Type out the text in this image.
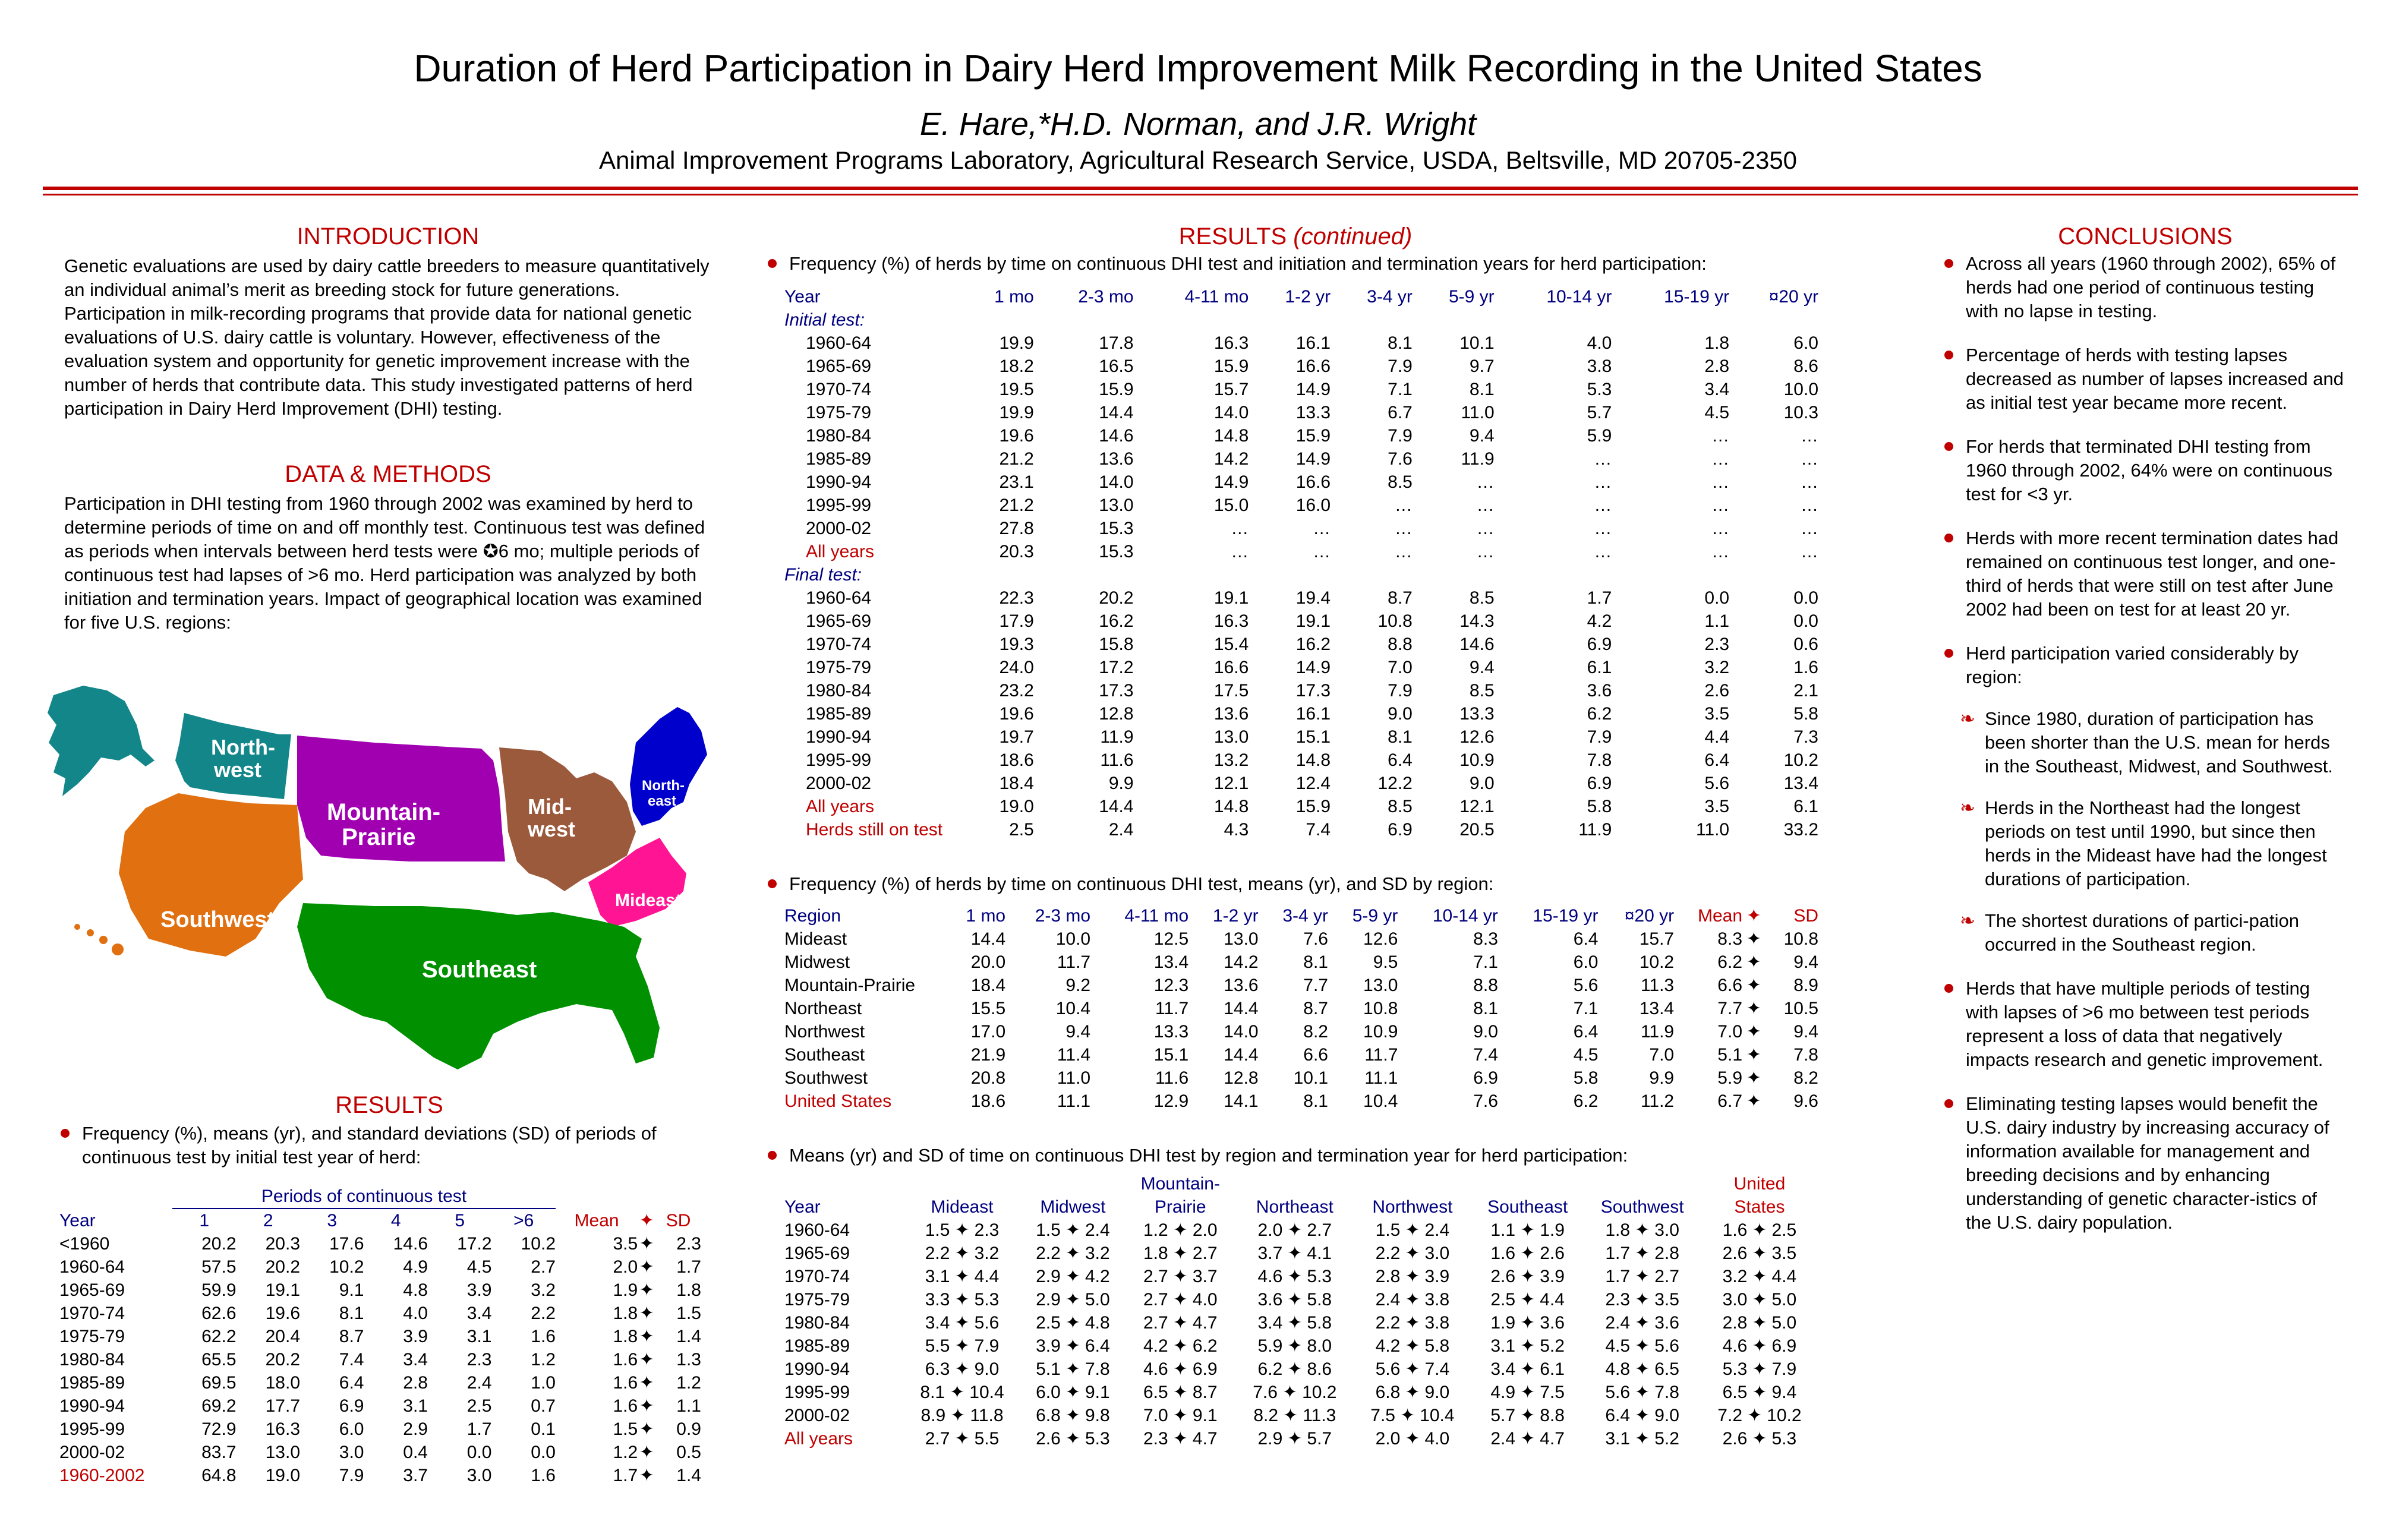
Duration of Herd Participation in Dairy Herd Improvement Milk Recording in the United States
E. Hare,*H.D. Norman, and J.R. Wright
Animal Improvement Programs Laboratory, Agricultural Research Service, USDA, Beltsville, MD 20705-2350
INTRODUCTION
Genetic evaluations are used by dairy cattle breeders to measure quantitatively an individual animal’s merit as breeding stock for future generations. Participation in milk-recording programs that provide data for national genetic evaluations of U.S. dairy cattle is voluntary. However, effectiveness of the evaluation system and opportunity for genetic improvement increase with the number of herds that contribute data. This study investigated patterns of herd participation in Dairy Herd Improvement (DHI) testing.
DATA & METHODS
Participation in DHI testing from 1960 through 2002 was examined by herd to determine periods of time on and off monthly test. Continuous test was defined as periods when intervals between herd tests were ✪6 mo; multiple periods of continuous test had lapses of >6 mo. Herd participation was analyzed by both initiation and termination years. Impact of geographical location was examined for five U.S. regions:
North-
west
Mountain-
Prairie
Mid-
west
North-
east
Mideast
Southwest
Southeast
RESULTS
Frequency (%), means (yr), and standard deviations (SD) of periods of continuous test by initial test year of herd:
	Periods of continuous test								
Year	1	2	3	4	5	>6	Mean	✦	SD
<1960	20.2	20.3	17.6	14.6	17.2	10.2	3.5	✦	2.3
1960-64	57.5	20.2	10.2	4.9	4.5	2.7	2.0	✦	1.7
1965-69	59.9	19.1	9.1	4.8	3.9	3.2	1.9	✦	1.8
1970-74	62.6	19.6	8.1	4.0	3.4	2.2	1.8	✦	1.5
1975-79	62.2	20.4	8.7	3.9	3.1	1.6	1.8	✦	1.4
1980-84	65.5	20.2	7.4	3.4	2.3	1.2	1.6	✦	1.3
1985-89	69.5	18.0	6.4	2.8	2.4	1.0	1.6	✦	1.2
1990-94	69.2	17.7	6.9	3.1	2.5	0.7	1.6	✦	1.1
1995-99	72.9	16.3	6.0	2.9	1.7	0.1	1.5	✦	0.9
2000-02	83.7	13.0	3.0	0.4	0.0	0.0	1.2	✦	0.5
1960-2002	64.8	19.0	7.9	3.7	3.0	1.6	1.7	✦	1.4
RESULTS (continued)
Frequency (%) of herds by time on continuous DHI test and initiation and termination years for herd participation:
Year	1 mo	2-3 mo	4-11 mo	1-2 yr	3-4 yr	5-9 yr	10-14 yr	15-19 yr	¤20 yr
Initial test:									
1960-64	19.9	17.8	16.3	16.1	8.1	10.1	4.0	1.8	6.0
1965-69	18.2	16.5	15.9	16.6	7.9	9.7	3.8	2.8	8.6
1970-74	19.5	15.9	15.7	14.9	7.1	8.1	5.3	3.4	10.0
1975-79	19.9	14.4	14.0	13.3	6.7	11.0	5.7	4.5	10.3
1980-84	19.6	14.6	14.8	15.9	7.9	9.4	5.9	…	…
1985-89	21.2	13.6	14.2	14.9	7.6	11.9	…	…	…
1990-94	23.1	14.0	14.9	16.6	8.5	…	…	…	…
1995-99	21.2	13.0	15.0	16.0	…	…	…	…	…
2000-02	27.8	15.3	…	…	…	…	…	…	…
All years	20.3	15.3	…	…	…	…	…	…	…
Final test:									
1960-64	22.3	20.2	19.1	19.4	8.7	8.5	1.7	0.0	0.0
1965-69	17.9	16.2	16.3	19.1	10.8	14.3	4.2	1.1	0.0
1970-74	19.3	15.8	15.4	16.2	8.8	14.6	6.9	2.3	0.6
1975-79	24.0	17.2	16.6	14.9	7.0	9.4	6.1	3.2	1.6
1980-84	23.2	17.3	17.5	17.3	7.9	8.5	3.6	2.6	2.1
1985-89	19.6	12.8	13.6	16.1	9.0	13.3	6.2	3.5	5.8
1990-94	19.7	11.9	13.0	15.1	8.1	12.6	7.9	4.4	7.3
1995-99	18.6	11.6	13.2	14.8	6.4	10.9	7.8	6.4	10.2
2000-02	18.4	9.9	12.1	12.4	12.2	9.0	6.9	5.6	13.4
All years	19.0	14.4	14.8	15.9	8.5	12.1	5.8	3.5	6.1
Herds still on test	2.5	2.4	4.3	7.4	6.9	20.5	11.9	11.0	33.2
Frequency (%) of herds by time on continuous DHI test, means (yr), and SD by region:
Region	1 mo	2-3 mo	4-11 mo	1-2 yr	3-4 yr	5-9 yr	10-14 yr	15-19 yr	¤20 yr	Mean	✦	SD
Mideast	14.4	10.0	12.5	13.0	7.6	12.6	8.3	6.4	15.7	8.3	✦	10.8
Midwest	20.0	11.7	13.4	14.2	8.1	9.5	7.1	6.0	10.2	6.2	✦	9.4
Mountain-Prairie	18.4	9.2	12.3	13.6	7.7	13.0	8.8	5.6	11.3	6.6	✦	8.9
Northeast	15.5	10.4	11.7	14.4	8.7	10.8	8.1	7.1	13.4	7.7	✦	10.5
Northwest	17.0	9.4	13.3	14.0	8.2	10.9	9.0	6.4	11.9	7.0	✦	9.4
Southeast	21.9	11.4	15.1	14.4	6.6	11.7	7.4	4.5	7.0	5.1	✦	7.8
Southwest	20.8	11.0	11.6	12.8	10.1	11.1	6.9	5.8	9.9	5.9	✦	8.2
United States	18.6	11.1	12.9	14.1	8.1	10.4	7.6	6.2	11.2	6.7	✦	9.6
Means (yr) and SD of time on continuous DHI test by region and termination year for herd participation:
			Mountain-					United
Year	Mideast	Midwest	Prairie	Northeast	Northwest	Southeast	Southwest	States
1960-64	1.5 ✦ 2.3	1.5 ✦ 2.4	1.2 ✦ 2.0	2.0 ✦ 2.7	1.5 ✦ 2.4	1.1 ✦ 1.9	1.8 ✦ 3.0	1.6 ✦ 2.5
1965-69	2.2 ✦ 3.2	2.2 ✦ 3.2	1.8 ✦ 2.7	3.7 ✦ 4.1	2.2 ✦ 3.0	1.6 ✦ 2.6	1.7 ✦ 2.8	2.6 ✦ 3.5
1970-74	3.1 ✦ 4.4	2.9 ✦ 4.2	2.7 ✦ 3.7	4.6 ✦ 5.3	2.8 ✦ 3.9	2.6 ✦ 3.9	1.7 ✦ 2.7	3.2 ✦ 4.4
1975-79	3.3 ✦ 5.3	2.9 ✦ 5.0	2.7 ✦ 4.0	3.6 ✦ 5.8	2.4 ✦ 3.8	2.5 ✦ 4.4	2.3 ✦ 3.5	3.0 ✦ 5.0
1980-84	3.4 ✦ 5.6	2.5 ✦ 4.8	2.7 ✦ 4.7	3.4 ✦ 5.8	2.2 ✦ 3.8	1.9 ✦ 3.6	2.4 ✦ 3.6	2.8 ✦ 5.0
1985-89	5.5 ✦ 7.9	3.9 ✦ 6.4	4.2 ✦ 6.2	5.9 ✦ 8.0	4.2 ✦ 5.8	3.1 ✦ 5.2	4.5 ✦ 5.6	4.6 ✦ 6.9
1990-94	6.3 ✦ 9.0	5.1 ✦ 7.8	4.6 ✦ 6.9	6.2 ✦ 8.6	5.6 ✦ 7.4	3.4 ✦ 6.1	4.8 ✦ 6.5	5.3 ✦ 7.9
1995-99	8.1 ✦ 10.4	6.0 ✦ 9.1	6.5 ✦ 8.7	7.6 ✦ 10.2	6.8 ✦ 9.0	4.9 ✦ 7.5	5.6 ✦ 7.8	6.5 ✦ 9.4
2000-02	8.9 ✦ 11.8	6.8 ✦ 9.8	7.0 ✦ 9.1	8.2 ✦ 11.3	7.5 ✦ 10.4	5.7 ✦ 8.8	6.4 ✦ 9.0	7.2 ✦ 10.2
All years	2.7 ✦ 5.5	2.6 ✦ 5.3	2.3 ✦ 4.7	2.9 ✦ 5.7	2.0 ✦ 4.0	2.4 ✦ 4.7	3.1 ✦ 5.2	2.6 ✦ 5.3
CONCLUSIONS
Across all years (1960 through 2002), 65% of herds had one period of continuous testing with no lapse in testing.
Percentage of herds with testing lapses decreased as number of lapses increased and as initial test year became more recent.
For herds that terminated DHI testing from 1960 through 2002, 64% were on continuous test for <3 yr.
Herds with more recent termination dates had remained on continuous test longer, and one-third of herds that were still on test after June 2002 had been on test for at least 20 yr.
Herd participation varied considerably by region:
❧ Since 1980, duration of participation has been shorter than the U.S. mean for herds in the Southeast, Midwest, and Southwest.
❧ Herds in the Northeast had the longest periods on test until 1990, but since then herds in the Mideast have had the longest durations of participation.
❧ The shortest durations of partici-pation occurred in the Southeast region.
Herds that have multiple periods of testing with lapses of >6 mo between test periods represent a loss of data that negatively impacts research and genetic improvement.
Eliminating testing lapses would benefit the U.S. dairy industry by increasing accuracy of information available for management and breeding decisions and by enhancing understanding of genetic character-istics of the U.S. dairy population.
